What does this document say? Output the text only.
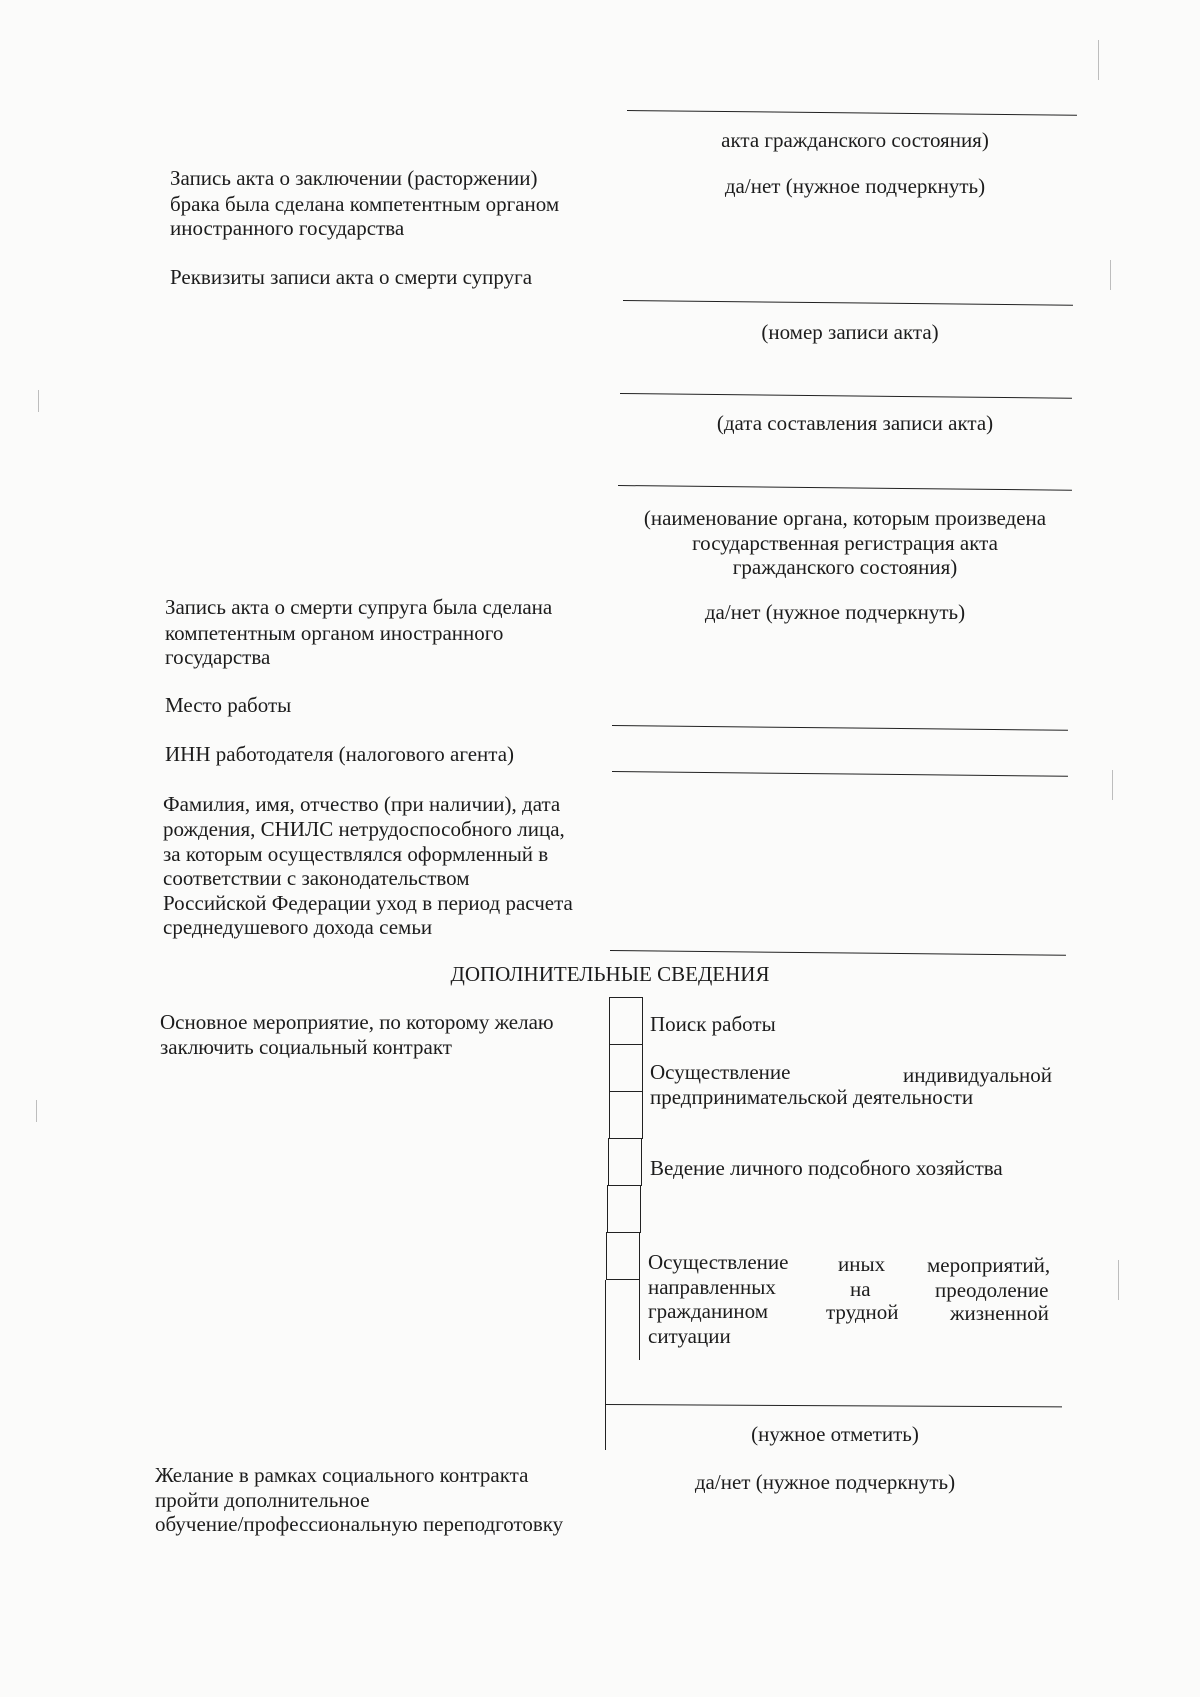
акта гражданского состояния)
Запись акта о заключении (расторжении)
брака была сделана компетентным органом
иностранного государства
да/нет (нужное подчеркнуть)
Реквизиты записи акта о смерти супруга
(номер записи акта)
(дата составления записи акта)
(наименование органа, которым произведена
государственная регистрация акта
гражданского состояния)
Запись акта о смерти супруга была сделана
компетентным органом иностранного
государства
да/нет (нужное подчеркнуть)
Место работы
ИНН работодателя (налогового агента)
Фамилия, имя, отчество (при наличии), дата
рождения, СНИЛС нетрудоспособного лица,
за которым осуществлялся оформленный в
соответствии с законодательством
Российской Федерации уход в период расчета
среднедушевого дохода семьи
ДОПОЛНИТЕЛЬНЫЕ СВЕДЕНИЯ
Основное мероприятие, по которому желаю
заключить социальный контракт
Поиск работы
Осуществление	индивидуальной
предпринимательской деятельности
Ведение личного подсобного хозяйства
Осуществление иных мероприятий,
направленных	на	преодоление
гражданином	трудной жизненной
ситуации
(нужное отметить)
Желание в рамках социального контракта
пройти дополнительное
обучение/профессиональную переподготовку
да/нет (нужное подчеркнуть)
